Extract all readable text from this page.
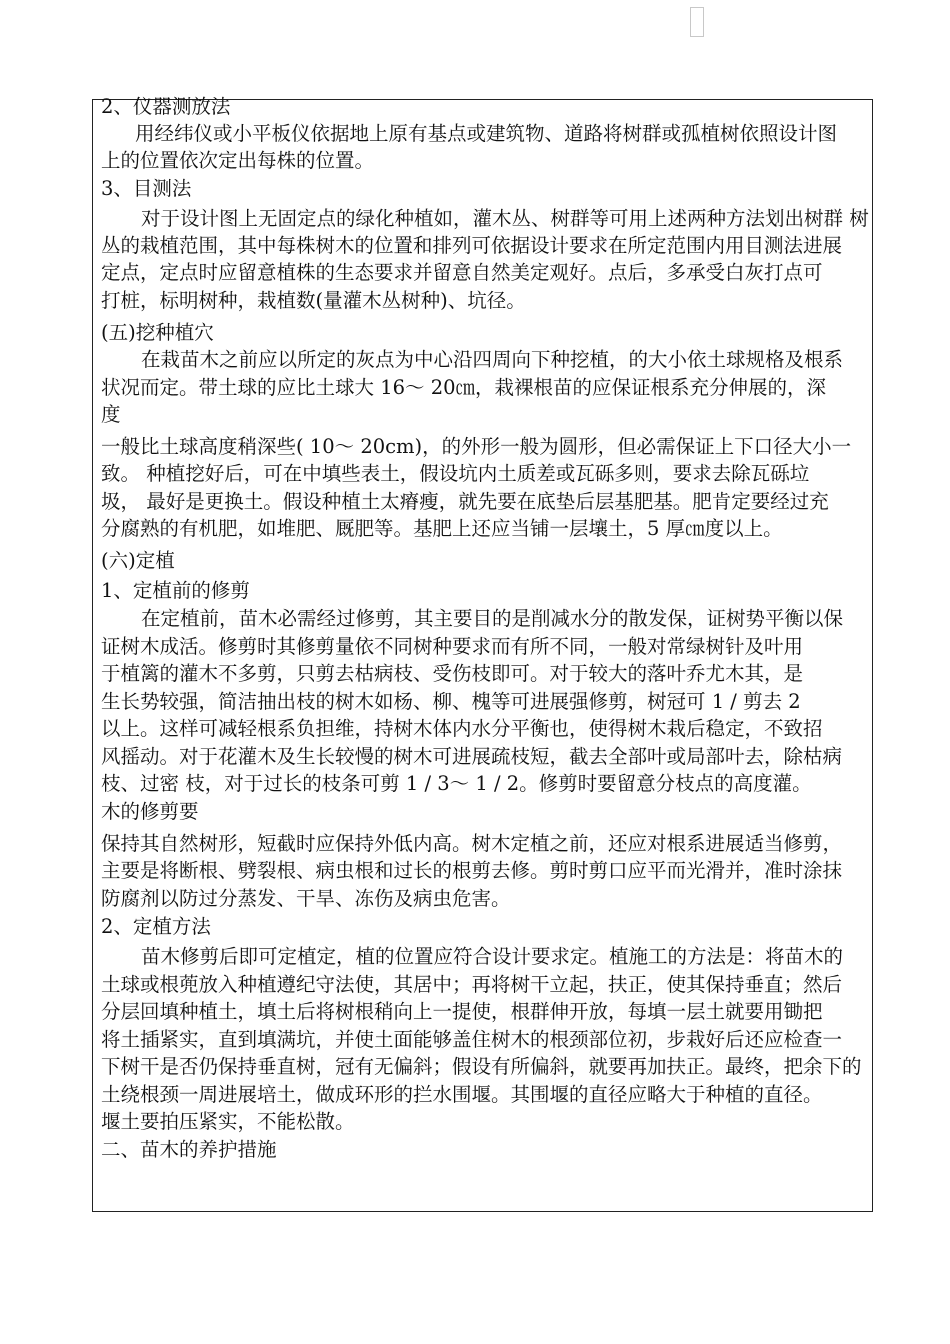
2、仪器测放法
用经纬仪或小平板仪依据地上原有基点或建筑物、道路将树群或孤植树依照设计图
上的位置依次定出每株的位置。
3、目测法
对于设计图上无固定点的绿化种植如，灌木丛、树群等可用上述两种方法划出树群 树
丛的栽植范围，其中每株树木的位置和排列可依据设计要求在所定范围内用目测法进展
定点，定点时应留意植株的生态要求并留意自然美定观好。点后，多承受白灰打点可
打桩，标明树种，栽植数(量灌木丛树种)、坑径。
(五)挖种植穴
在栽苗木之前应以所定的灰点为中心沿四周向下种挖植，的大小依土球规格及根系
状况而定。带土球的应比土球大 16～ 20㎝，栽裸根苗的应保证根系充分伸展的，深
度
一般比土球高度稍深些( 10～ 20cm)，的外形一般为圆形，但必需保证上下口径大小一
致。 种植挖好后，可在中填些表土，假设坑内土质差或瓦砾多则，要求去除瓦砾垃
圾， 最好是更换土。假设种植土太瘠瘦，就先要在底垫后层基肥基。肥肯定要经过充
分腐熟的有机肥，如堆肥、厩肥等。基肥上还应当铺一层壤土，5 厚㎝度以上。
(六)定植
1、定植前的修剪
在定植前，苗木必需经过修剪，其主要目的是削减水分的散发保，证树势平衡以保
证树木成活。修剪时其修剪量依不同树种要求而有所不同，一般对常绿树针及叶用
于植篱的灌木不多剪，只剪去枯病枝、受伤枝即可。对于较大的落叶乔尤木其，是
生长势较强，简洁抽出枝的树木如杨、柳、槐等可进展强修剪，树冠可 1 / 剪去 2
以上。这样可减轻根系负担维，持树木体内水分平衡也，使得树木栽后稳定，不致招
风摇动。对于花灌木及生长较慢的树木可进展疏枝短，截去全部叶或局部叶去，除枯病
枝、过密 枝，对于过长的枝条可剪 1 / 3～ 1 / 2。修剪时要留意分枝点的高度灌。
木的修剪要
保持其自然树形，短截时应保持外低内高。树木定植之前，还应对根系进展适当修剪，
主要是将断根、劈裂根、病虫根和过长的根剪去修。剪时剪口应平而光滑并，准时涂抹
防腐剂以防过分蒸发、干旱、冻伤及病虫危害。
2、定植方法
苗木修剪后即可定植定，植的位置应符合设计要求定。植施工的方法是：将苗木的
土球或根蔸放入种植遵纪守法使，其居中；再将树干立起，扶正，使其保持垂直；然后
分层回填种植土，填土后将树根稍向上一提使，根群伸开放，每填一层土就要用锄把
将土插紧实，直到填满坑，并使土面能够盖住树木的根颈部位初，步栽好后还应检查一
下树干是否仍保持垂直树，冠有无偏斜；假设有所偏斜，就要再加扶正。最终，把余下的
土绕根颈一周进展培土，做成环形的拦水围堰。其围堰的直径应略大于种植的直径。
堰土要拍压紧实，不能松散。
二、苗木的养护措施
